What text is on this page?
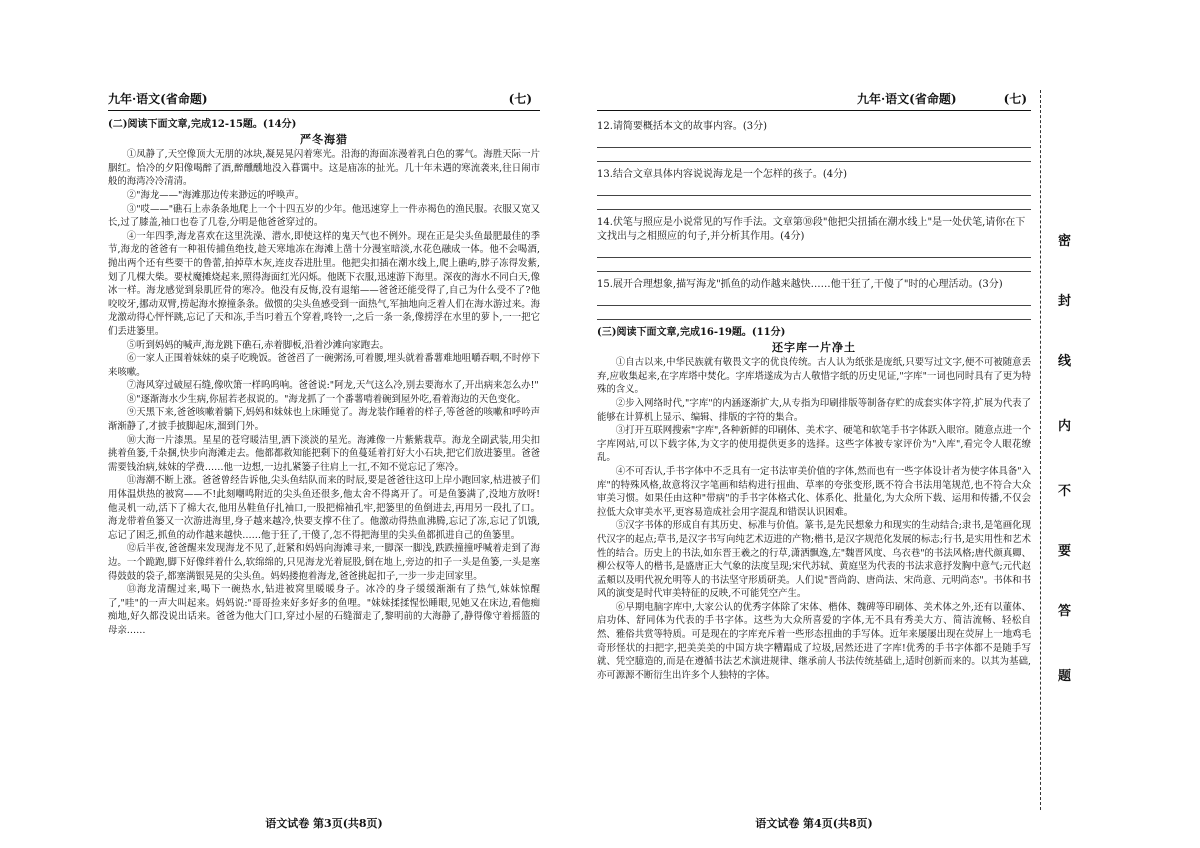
九年·语文(省命题)	(七)
(二)阅读下面文章,完成12-15题。(14分)
严冬海猎

①凤静了,天空像顶大无朋的冰块,凝晃晃闪着寒光。沿海的海面冻漫着乳白色的雾气。海胜天际一片胭红。恰冷的夕阳像喝醉了酒,醉醺醺地没入暮霭中。这是庙冻的扯光。几十年未遇的寒流袭来,往日闹市般的海湾冷冷清清。

②"海龙——"海滩那边传来渺远的呼唤声。

③"哎——"礁石上赤条条地爬上一个十四五岁的少年。他迅速穿上一件赤褐色的渔民服。衣服又宽又长,过了膝盖,袖口也卷了几卷,分明是他爸爸穿过的。

④一年四季,海龙喜欢在这里洗澡、潜水,即使这样的鬼天气也不例外。现在正是尖头鱼最肥最佳的季节,海龙的爸爸有一种祖传捕鱼绝技,趁天寒地冻在海滩上凿十分漫室暗淡,水花色融成一体。他不会喝酒,抛出两个还有些要干的鲁蕾,拍掉草木灰,连皮吞进肚里。他把尖扣插在潮水线上,爬上礁屿,脖子冻得发紫,划了几棵大柴。要杖魔摊烧起来,照得海面红光闪烁。他既下衣服,迅速游下海里。深夜的海水不同白天,像冰一样。海龙感觉到泉肌匠骨的寒冷。他没有反悔,没有退缩——爸爸还能受得了,自己为什么受不了?他咬咬牙,挪动双臂,捞起海水撩撞条条。做惯的尖头鱼感受到一面热气,军抽地向乏着人们在海水游过来。海龙激动得心怦怦跳,忘记了天和冻,手当叼着五个穿着,咚铃一,之后一条一条,像捞浮在水里的萝卜,一一把它们丢进篓里。

⑤听到妈妈的喊声,海龙跳下礁石,赤着脚板,沿着沙滩向家跑去。

⑥一家人正围着妹妹的桌子吃晚饭。爸爸舀了一碗粥汤,可着腰,埋头就着番薯难地咀嚼吞咽,不时停下来咳嗽。

⑦海风穿过破屋石缝,像吹箫一样呜呜响。爸爸说:"阿龙,天气这么冷,别去要海水了,开出病来怎么办!"

⑧"逐渐海水少生病,你屈若老叔说的。"海龙抓了一个番薯啃着碗到屋外吃,看着海边的天色变化。

⑨天黑下来,爸爸咳嗽着躺下,妈妈和妹妹也上床睡觉了。海龙装作睡着的样子,等爸爸的咳嗽和呼吟声渐渐静了,才披手披脚起床,溜到门外。

⑩大海一片漆黑。星星的苍穹暖洁里,洒下淡淡的星光。海滩像一片紫紫栽草。海龙全副武装,用尖扣挑着鱼篓,千杂捆,快步向海滩走去。他都都救知能把剩下的鱼蔓延着打好大小石块,把它们放进篓里。爸爸需要钱治病,妹妹的学费……他一边想,一边扎紧篓子往肩上一扛,不知不觉忘记了寒冷。

⑪海潮不断上涨。爸爸曾经告诉他,尖头鱼结队而来的时辰,要是爸爸往这印上岸小跑回家,枯进被子们用体温烘热的被窝——不!此刻嘲鸣附近的尖头鱼还很多,他太舍不得离开了。可是鱼篓满了,没地方放呀!他灵机一动,活下了棉大衣,他用丛鞋鱼仔扎袖口,一股把棉袖孔牢,把篓里的鱼倒进去,再用另一段扎了口。海龙带着鱼篓又一次游进海里,身子越来越冷,快要支撑不住了。他激动得热血沸腾,忘记了冻,忘记了饥饿,忘记了困乏,抓鱼的动作越来越快……他于狂了,干傻了,怎不得把海里的尖头鱼都抓进自己的鱼篓里。

⑫后半夜,爸爸醒来发现海龙不见了,赶紧和妈妈向海滩寻来,一脚深一脚浅,跌跌撞撞呼喊着走到了海边。一个跪跑,脚下好像绊着什么,软绵绵的,只见海龙光着屁股,倒在地上,旁边的扣子一头是鱼篓,一头是塞得鼓鼓的袋子,都塞满银晃晃的尖头鱼。妈妈搂抱着海龙,爸爸挑起扣子,一步一步走回家里。

⑬海龙清醒过来,喝下一碗热水,钻进被窝里暖暖身子。冰冷的身子缓缓渐渐有了热气,妹妹惊醒了,"哇"的一声大叫起来。妈妈说:"哥哥捡来好多好多的鱼哩。"妹妹揉揉惺忪睡眼,见她又在床边,看他痴痴地,好久都没说出话来。爸爸为他大门口,穿过小屋的石缝溜走了,黎明前的大海静了,静得像守着摇篮的母亲……

语文试卷 第3页(共8页)
九年·语文(省命题)	(七)

12.请简要概括本文的故事内容。(3分)

13.结合文章具体内容说说海龙是一个怎样的孩子。(4分)

14.伏笔与照应是小说常见的写作手法。文章第⑩段"他把尖扭插在潮水线上"是一处伏笔,请你在下文找出与之相照应的句子,并分析其作用。(4分)

15.展开合理想象,描写海龙"抓鱼的动作越来越快……他干狂了,干傻了"时的心理活动。(3分)

(三)阅读下面文章,完成16-19题。(11分)
还字库一片净土

①自古以来,中华民族就有敬畏文字的优良传统。古人认为纸张是庞纸,只要写过文字,便不可被随意丢弃,应收集起来,在字库塔中焚化。字库塔遂成为古人敬惜字纸的历史见证,"字库"一词也同时具有了更为特殊的含义。

②步入网络时代,"字库"的内涵逐渐扩大,从专指为印刷排版等制备存贮的成套实体字符,扩展为代表了能够在计算机上显示、编辑、排版的字符的集合。

③打开互联网搜索"字库",各种新鲜的印刷体、美术字、硬笔和软笔手书字体跃入眼帘。随意点进一个字库网站,可以下载字体,为文字的使用提供更多的选择。这些字体被专家评价为"入库",看完令人眼花缭乱。

④不可否认,手书字体中不乏具有一定书法审美价值的字体,然而也有一些字体设计者为使字体具备"入库"的特殊风格,故意将汉字笔画和结构进行扭曲、草率的夸张变形,既不符合书法用笔规范,也不符合大众审美习惯。如果任由这种"带病"的手书字体格式化、体系化、批量化,为大众所下载、运用和传播,不仅会拉低大众审美水平,更容易造成社会用字混乱和错误认识困难。

⑤汉字书体的形成自有其历史、标准与价值。篆书,是先民想象力和现实的生动结合;隶书,是笔画化现代汉字的起点;草书,是汉字书写向纯艺术迈进的产物;楷书,是汉字规范化发展的标志;行书,是实用性和艺术性的结合。历史上的书法,如东晋王羲之的行草,潇洒飘逸,左"魏晋风度、乌衣巷"的书法风格;唐代颜真卿、柳公权等人的楷书,是盛唐正大气象的法度呈现;宋代苏轼、黄庭坚为代表的书法求意抒发胸中意气;元代赵孟頫以及明代祝允明等人的书法坚守形质研美。人们说"晋尚韵、唐尚法、宋尚意、元明尚态"。书体和书风的演变是时代审美特征的反映,不可能凭空产生。

⑥早期电脑字库中,大家公认的优秀字体除了宋体、楷体、魏碑等印刷体、美术体之外,还有以董体、启功体、舒同体为代表的手书字体。这些为大众所喜爱的字体,无不具有秀美大方、简洁流畅、轻松自然、雅俗共赏等特质。可是现在的字库充斥着一些形态扭曲的手写体。近年来屡屡出现在荧屏上一地鸡毛奇形怪状的扫把字,把美美美的中国方块字糟蹋成了垃圾,居然还进了字库!优秀的手书字体都不是随手写就、凭空臆造的,而是在遵循书法艺术演进规律、继承前人书法传统基础上,适时创新而来的。以其为基础,亦可源源不断衍生出许多个人独特的字体。

语文试卷 第4页(共8页)
密
封
线
内
不
要
答
题
